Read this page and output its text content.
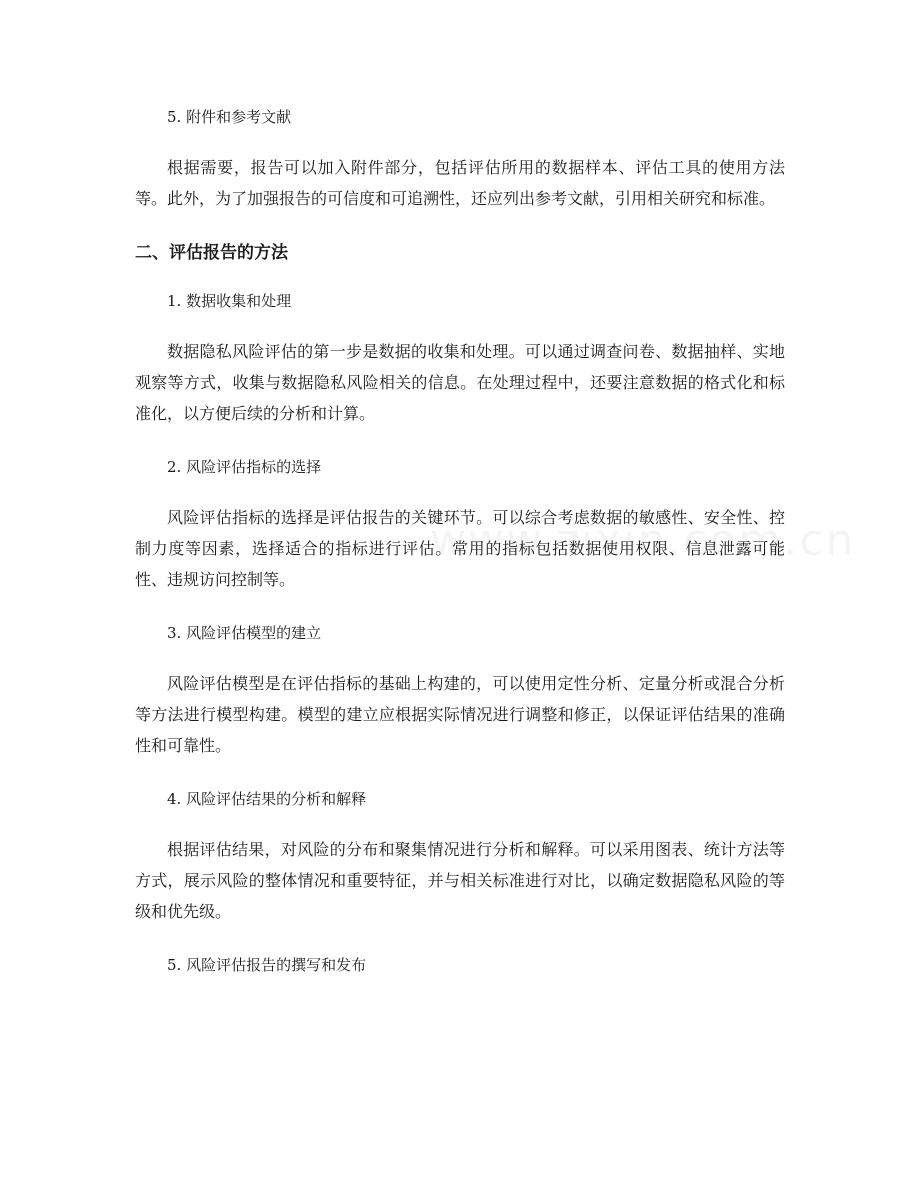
5. 附件和参考文献

根据需要，报告可以加入附件部分，包括评估所用的数据样本、评估工具的使用方法等。此外，为了加强报告的可信度和可追溯性，还应列出参考文献，引用相关研究和标准。

二、评估报告的方法
1. 数据收集和处理

数据隐私风险评估的第一步是数据的收集和处理。可以通过调查问卷、数据抽样、实地观察等方式，收集与数据隐私风险相关的信息。在处理过程中，还要注意数据的格式化和标准化，以方便后续的分析和计算。

2. 风险评估指标的选择

风险评估指标的选择是评估报告的关键环节。可以综合考虑数据的敏感性、安全性、控制力度等因素，选择适合的指标进行评估。常用的指标包括数据使用权限、信息泄露可能性、违规访问控制等。

3. 风险评估模型的建立

风险评估模型是在评估指标的基础上构建的，可以使用定性分析、定量分析或混合分析等方法进行模型构建。模型的建立应根据实际情况进行调整和修正，以保证评估结果的准确性和可靠性。

4. 风险评估结果的分析和解释

根据评估结果，对风险的分布和聚集情况进行分析和解释。可以采用图表、统计方法等方式，展示风险的整体情况和重要特征，并与相关标准进行对比，以确定数据隐私风险的等级和优先级。

5. 风险评估报告的撰写和发布
